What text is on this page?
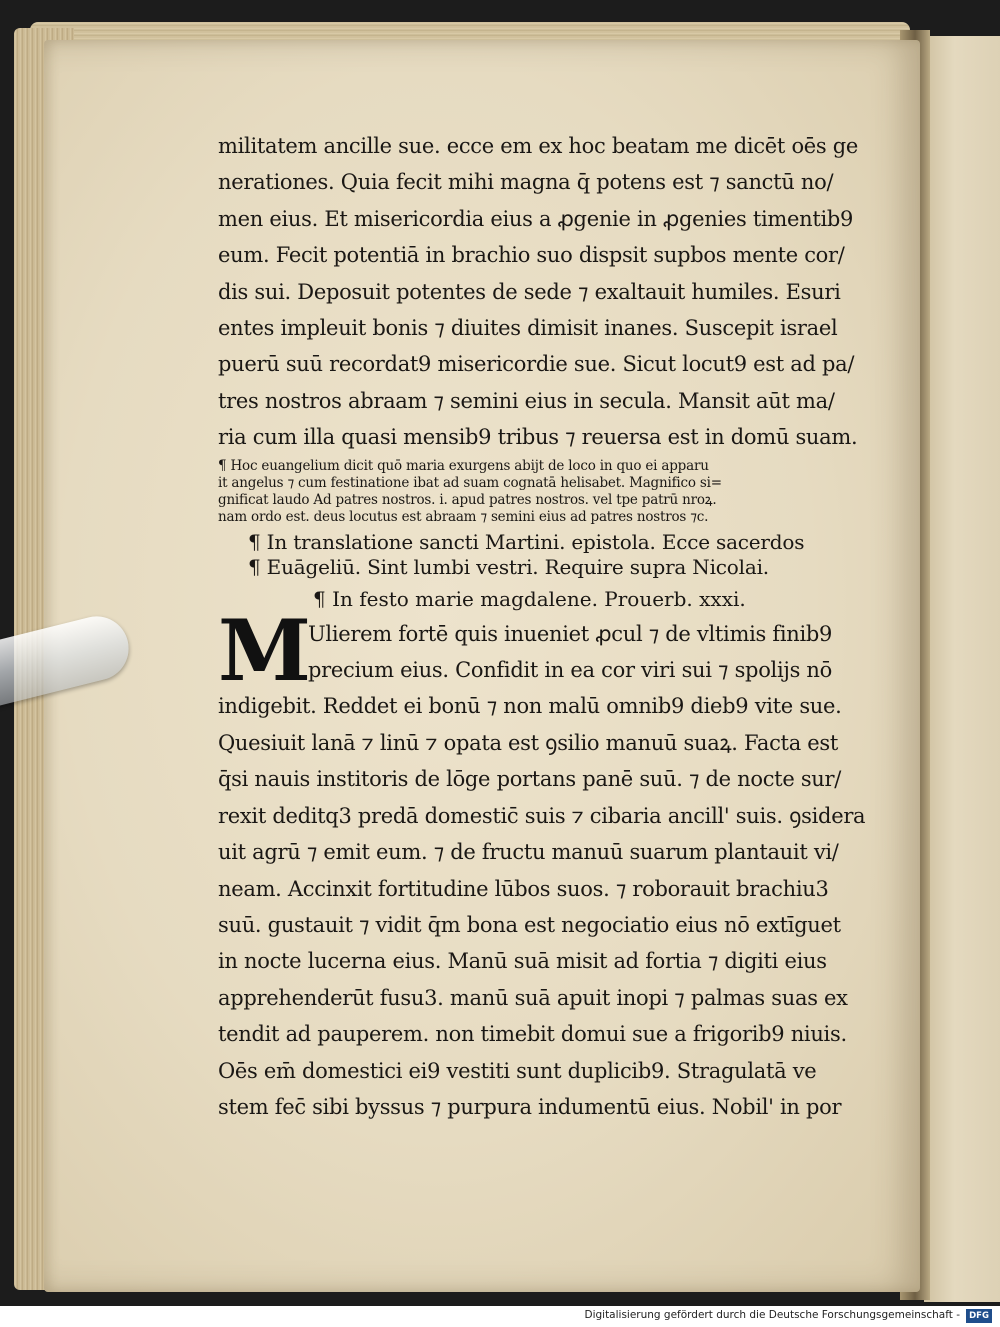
militatem ancille sue. ecce em ex hoc beatam me dicēt oēs ge
nerationes. Quia fecit mihi magna q̄ potens est ⁊ sanctū no/
men eius. Et misericordia eius a ꝓgenie in ꝓgenies timentib9
eum. Fecit potentiā in brachio suo dispsit supbos mente cor/
dis sui. Deposuit potentes de sede ⁊ exaltauit humiles. Esuri
entes impleuit bonis ⁊ diuites dimisit inanes. Suscepit israel
puerū suū recordat9 misericordie sue. Sicut locut9 est ad pa/
tres nostros abraam ⁊ semini eius in secula. Mansit aūt ma/
ria cum illa quasi mensib9 tribus ⁊ reuersa est in domū suam.
¶ Hoc euangelium dicit quō maria exurgens abijt de loco in quo ei apparu
it angelus ⁊ cum festinatione ibat ad suam cognatā helisabet. Magnifico si=
gnificat laudo Ad patres nostros. i. apud patres nostros. vel tpe patrū nroꝝ.
nam ordo est. deus locutus est abraam ⁊ semini eius ad patres nostros ⁊c.
¶ In translatione sancti Martini. epistola. Ecce sacerdos
¶ Euāgeliū. Sint lumbi vestri. Require supra Nicolai.
¶ In festo marie magdalene. Prouerb. xxxi.
M
Ulierem fortē quis inueniet ꝓcul ⁊ de vltimis finib9
precium eius. Confidit in ea cor viri sui ⁊ spolijs nō
indigebit. Reddet ei bonū ⁊ non malū omnib9 dieb9 vite sue.
Quesiuit lanā ⁊ linū ⁊ opata est ꝯsilio manuū suaꝝ. Facta est
q̄si nauis institoris de lōge portans panē suū. ⁊ de nocte sur/
rexit deditq3 predā domestic̄ suis ⁊ cibaria ancill' suis. ꝯsidera
uit agrū ⁊ emit eum. ⁊ de fructu manuū suarum plantauit vi/
neam. Accinxit fortitudine lūbos suos. ⁊ roborauit brachiu3
suū. gustauit ⁊ vidit q̄m bona est negociatio eius nō extīguet
in nocte lucerna eius. Manū suā misit ad fortia ⁊ digiti eius
apprehenderūt fusu3. manū suā apuit inopi ⁊ palmas suas ex
tendit ad pauperem. non timebit domui sue a frigorib9 niuis.
Oēs em̄ domestici ei9 vestiti sunt duplicib9. Stragulatā ve
stem fec̄ sibi byssus ⁊ purpura indumentū eius. Nobil' in por
Digitalisierung gefördert durch die Deutsche Forschungsgemeinschaft -	DFG
